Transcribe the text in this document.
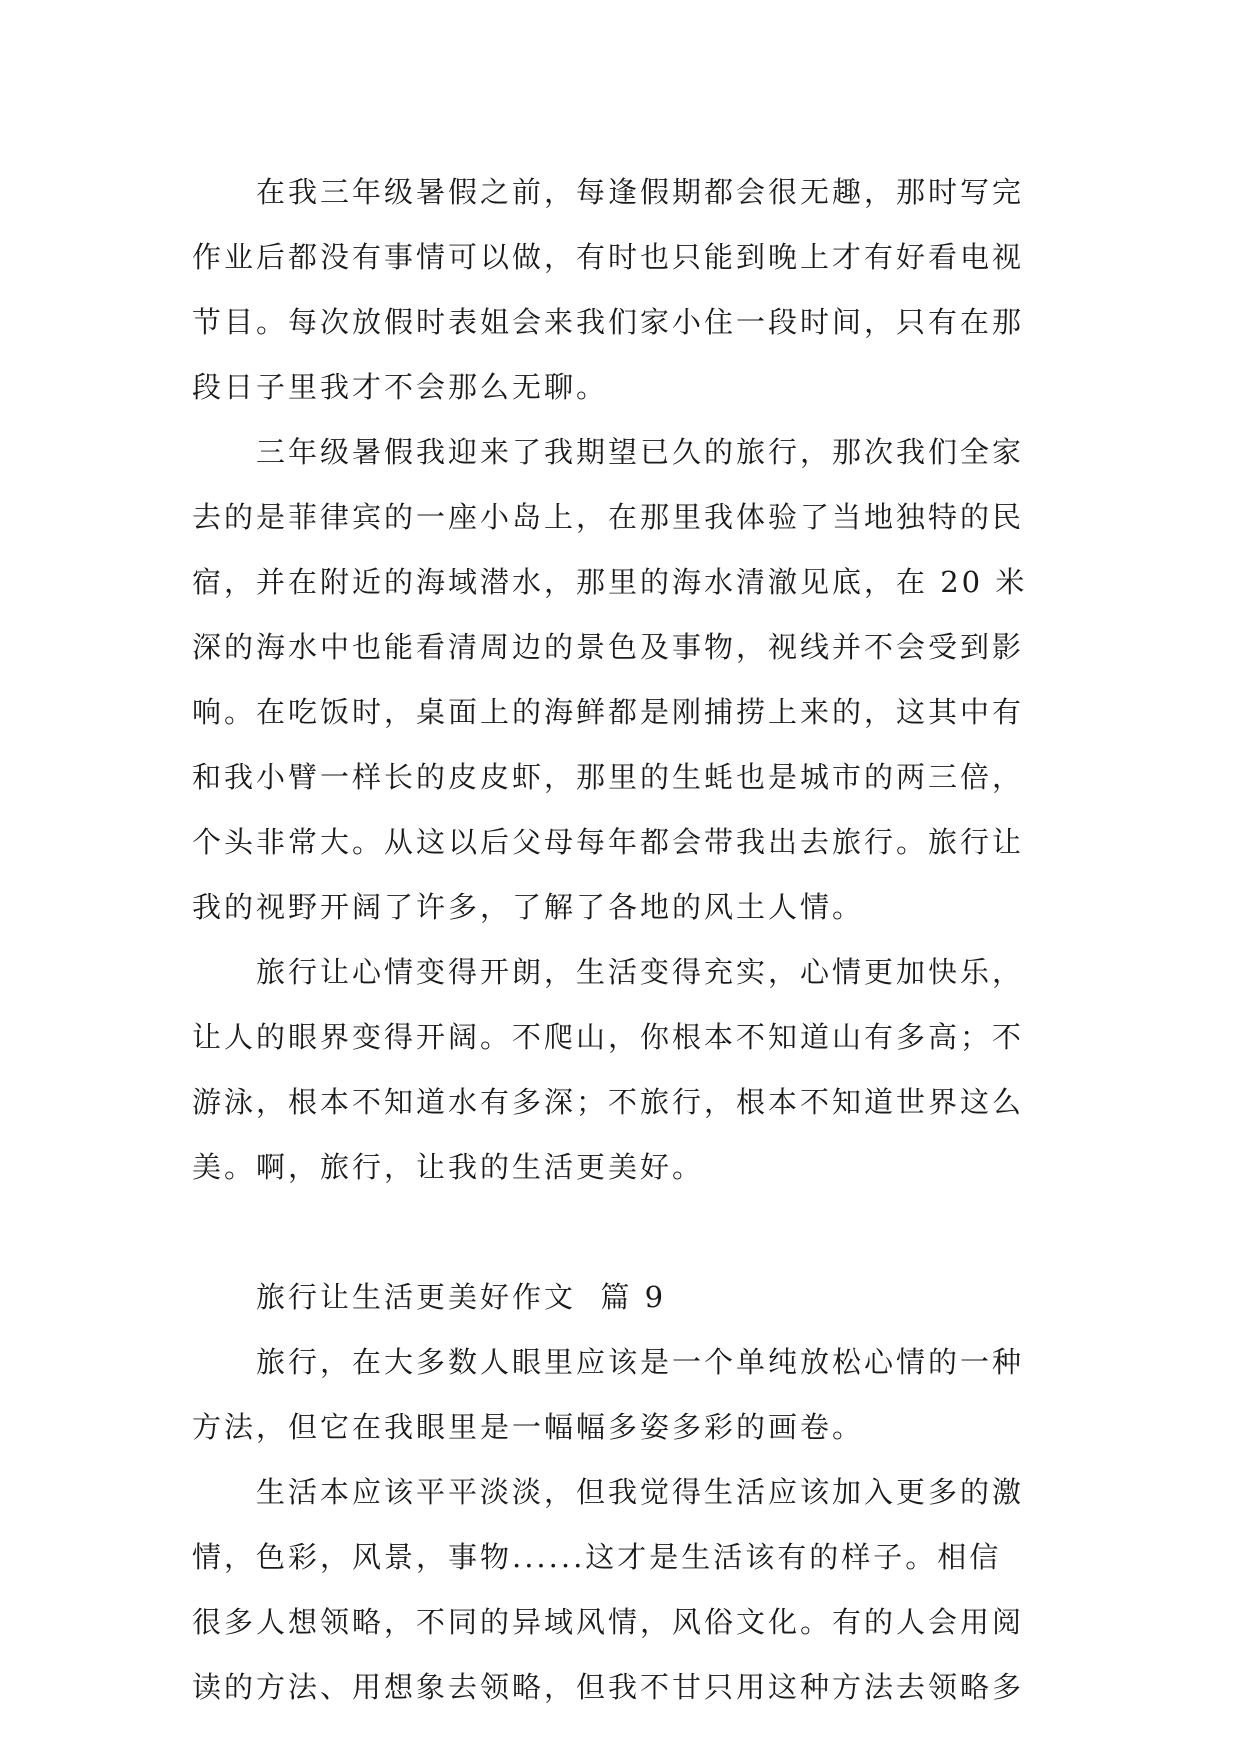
在我三年级暑假之前，每逢假期都会很无趣，那时写完
作业后都没有事情可以做，有时也只能到晚上才有好看电视
节目。每次放假时表姐会来我们家小住一段时间，只有在那
段日子里我才不会那么无聊。
三年级暑假我迎来了我期望已久的旅行，那次我们全家
去的是菲律宾的一座小岛上，在那里我体验了当地独特的民
宿，并在附近的海域潜水，那里的海水清澈见底，在 20 米
深的海水中也能看清周边的景色及事物，视线并不会受到影
响。在吃饭时，桌面上的海鲜都是刚捕捞上来的，这其中有
和我小臂一样长的皮皮虾，那里的生蚝也是城市的两三倍，
个头非常大。从这以后父母每年都会带我出去旅行。旅行让
我的视野开阔了许多，了解了各地的风土人情。
旅行让心情变得开朗，生活变得充实，心情更加快乐，
让人的眼界变得开阔。不爬山，你根本不知道山有多高；不
游泳，根本不知道水有多深；不旅行，根本不知道世界这么
美。啊，旅行，让我的生活更美好。
旅行让生活更美好作文  篇 9
旅行，在大多数人眼里应该是一个单纯放松心情的一种
方法，但它在我眼里是一幅幅多姿多彩的画卷。
生活本应该平平淡淡，但我觉得生活应该加入更多的激
情，色彩，风景，事物......这才是生活该有的样子。相信
很多人想领略，不同的异域风情，风俗文化。有的人会用阅
读的方法、用想象去领略，但我不甘只用这种方法去领略多
